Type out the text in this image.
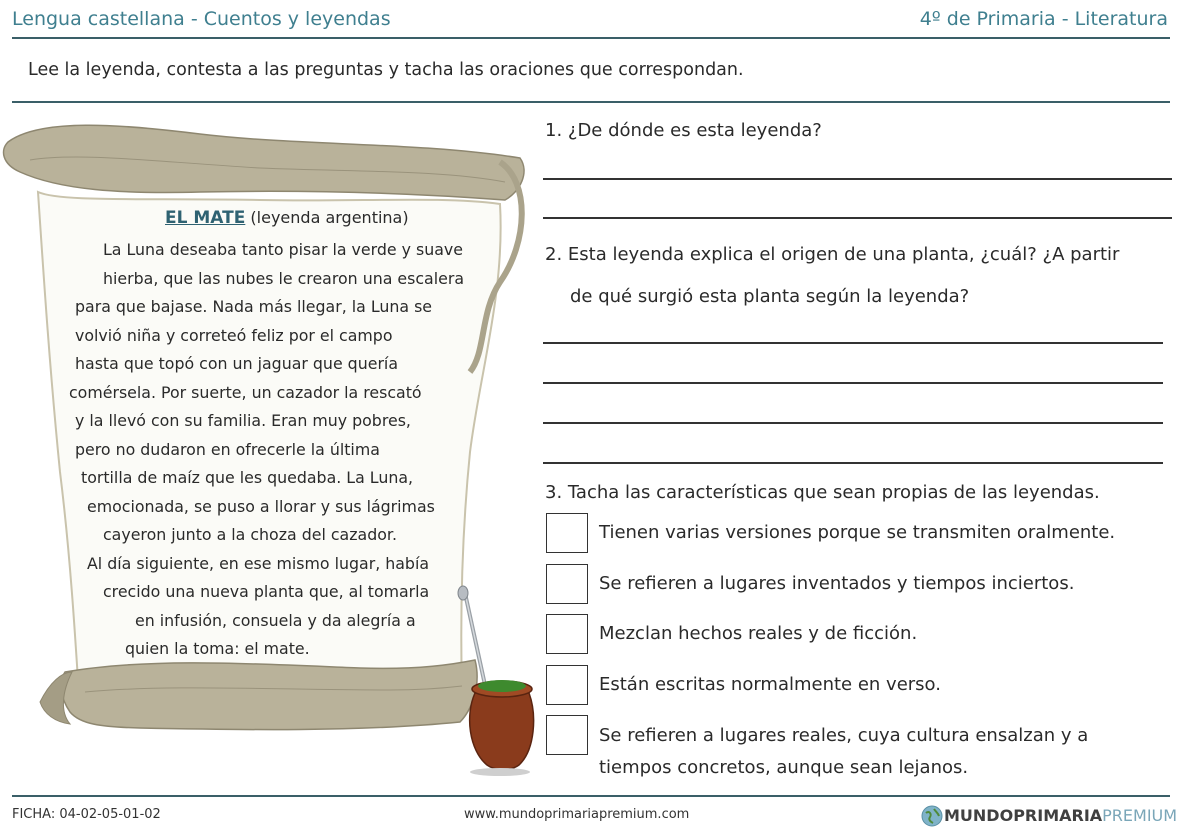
Lengua castellana - Cuentos y leyendas	4º de Primaria - Literatura
Lee la leyenda, contesta a las preguntas y tacha las oraciones que correspondan.
EL MATE (leyenda argentina)
La Luna deseaba tanto pisar la verde y suave
hierba, que las nubes le crearon una escalera
para que bajase. Nada más llegar, la Luna se
volvió niña y correteó feliz por el campo
hasta que topó con un jaguar que quería
comérsela. Por suerte, un cazador la rescató
y la llevó con su familia. Eran muy pobres,
pero no dudaron en ofrecerle la última
tortilla de maíz que les quedaba. La Luna,
emocionada, se puso a llorar y sus lágrimas
cayeron junto a la choza del cazador.
Al día siguiente, en ese mismo lugar, había
crecido una nueva planta que, al tomarla
en infusión, consuela y da alegría a
quien la toma: el mate.
1. ¿De dónde es esta leyenda?
2. Esta leyenda explica el origen de una planta, ¿cuál? ¿A partir
de qué surgió esta planta según la leyenda?
3. Tacha las características que sean propias de las leyendas.
Tienen varias versiones porque se transmiten oralmente.
Se refieren a lugares inventados y tiempos inciertos.
Mezclan hechos reales y de ficción.
Están escritas normalmente en verso.
Se refieren a lugares reales, cuya cultura ensalzan y a
tiempos concretos, aunque sean lejanos.
FICHA: 04-02-05-01-02	www.mundoprimariapremium.com	MUNDOPRIMARIAPREMIUM
